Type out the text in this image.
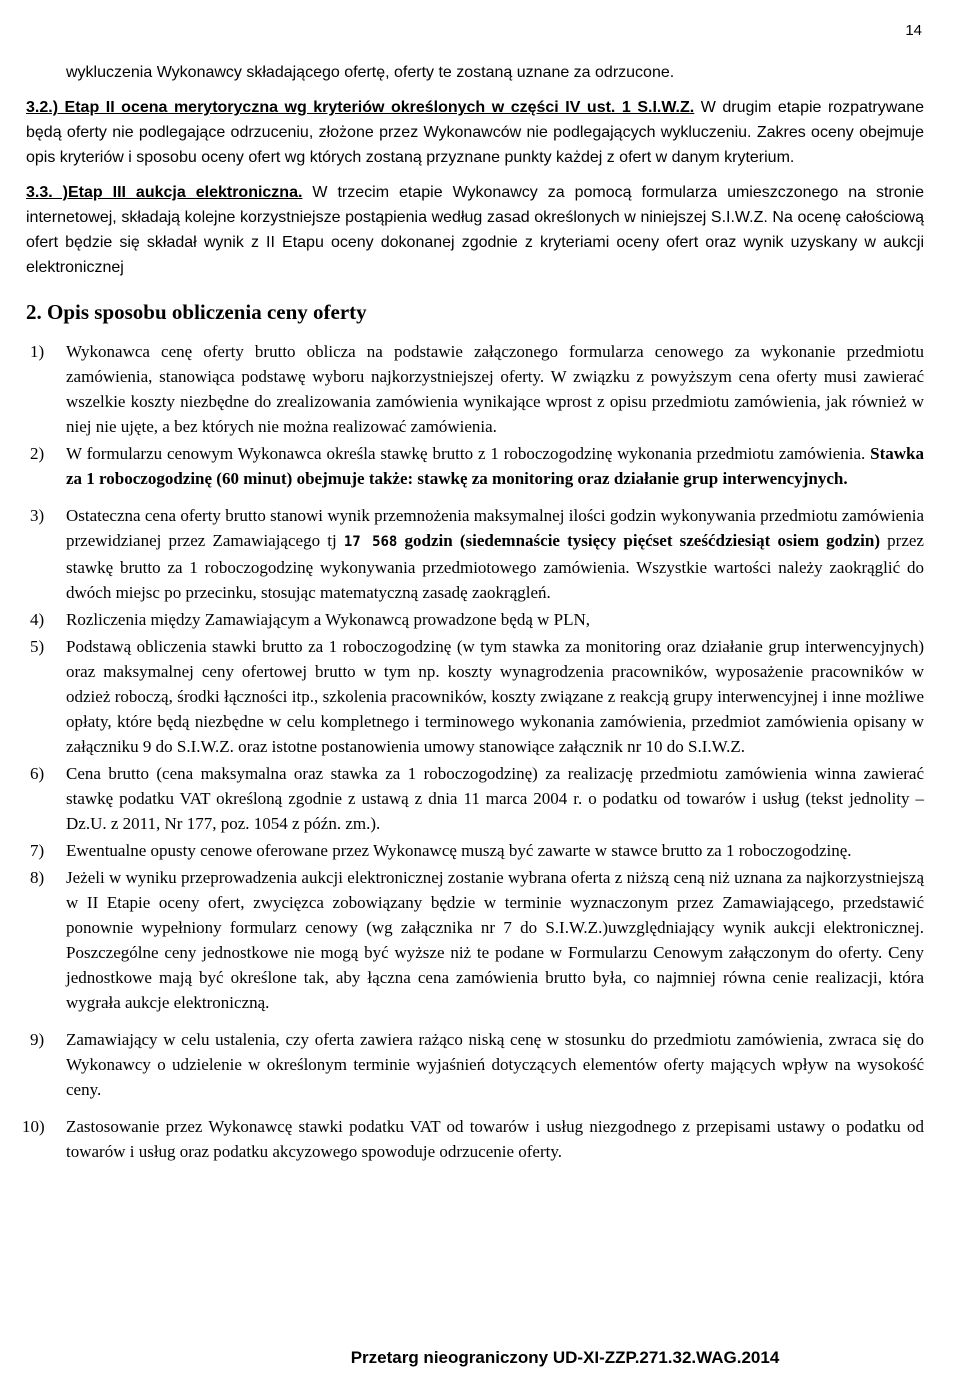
14

wykluczenia Wykonawcy składającego ofertę, oferty te zostaną uznane za odrzucone.

3.2.) Etap II ocena merytoryczna wg kryteriów określonych w części IV ust. 1 S.I.W.Z. W drugim etapie rozpatrywane będą oferty nie podlegające odrzuceniu, złożone przez Wykonawców nie podlegających wykluczeniu. Zakres oceny obejmuje opis kryteriów i sposobu oceny ofert wg których zostaną przyznane punkty każdej z ofert w danym kryterium.

3.3. )Etap III aukcja elektroniczna. W trzecim etapie Wykonawcy za pomocą formularza umieszczonego na stronie internetowej, składają kolejne korzystniejsze postąpienia według zasad określonych w niniejszej S.I.W.Z. Na ocenę całościową ofert będzie się składał wynik z II Etapu oceny dokonanej zgodnie z kryteriami oceny ofert oraz wynik uzyskany w aukcji elektronicznej

2. Opis sposobu obliczenia ceny oferty
1) Wykonawca cenę oferty brutto oblicza na podstawie załączonego formularza cenowego za wykonanie przedmiotu zamówienia, stanowiąca podstawę wyboru najkorzystniejszej oferty. W związku z powyższym cena oferty musi zawierać wszelkie koszty niezbędne do zrealizowania zamówienia wynikające wprost z opisu przedmiotu zamówienia, jak również w niej nie ujęte, a bez których nie można realizować zamówienia.
2) W formularzu cenowym Wykonawca określa stawkę brutto z 1 roboczogodzinę wykonania przedmiotu zamówienia. Stawka za 1 roboczogodzinę (60 minut) obejmuje także: stawkę za monitoring oraz działanie grup interwencyjnych.
3) Ostateczna cena oferty brutto stanowi wynik przemnożenia maksymalnej ilości godzin wykonywania przedmiotu zamówienia przewidzianej przez Zamawiającego tj 17 568 godzin (siedemnaście tysięcy pięćset sześćdziesiąt osiem godzin) przez stawkę brutto za 1 roboczogodzinę wykonywania przedmiotowego zamówienia. Wszystkie wartości należy zaokrąglić do dwóch miejsc po przecinku, stosując matematyczną zasadę zaokrągleń.
4) Rozliczenia między Zamawiającym a Wykonawcą prowadzone będą w PLN,
5) Podstawą obliczenia stawki brutto za 1 roboczogodzinę (w tym stawka za monitoring oraz działanie grup interwencyjnych) oraz maksymalnej ceny ofertowej brutto w tym np. koszty wynagrodzenia pracowników, wyposażenie pracowników w odzież roboczą, środki łączności itp., szkolenia pracowników, koszty związane z reakcją grupy interwencyjnej i inne możliwe opłaty, które będą niezbędne w celu kompletnego i terminowego wykonania zamówienia, przedmiot zamówienia opisany w załączniku 9 do S.I.W.Z. oraz istotne postanowienia umowy stanowiące załącznik nr 10 do S.I.W.Z.
6) Cena brutto (cena maksymalna oraz stawka za 1 roboczogodzinę) za realizację przedmiotu zamówienia winna zawierać stawkę podatku VAT określoną zgodnie z ustawą z dnia 11 marca 2004 r. o podatku od towarów i usług (tekst jednolity – Dz.U. z 2011, Nr 177, poz. 1054 z późn. zm.).
7) Ewentualne opusty cenowe oferowane przez Wykonawcę muszą być zawarte w stawce brutto za 1 roboczogodzinę.
8) Jeżeli w wyniku przeprowadzenia aukcji elektronicznej zostanie wybrana oferta z niższą ceną niż uznana za najkorzystniejszą w II Etapie oceny ofert, zwycięzca zobowiązany będzie w terminie wyznaczonym przez Zamawiającego, przedstawić ponownie wypełniony formularz cenowy (wg załącznika nr 7 do S.I.W.Z.)uwzględniający wynik aukcji elektronicznej. Poszczególne ceny jednostkowe nie mogą być wyższe niż te podane w Formularzu Cenowym załączonym do oferty. Ceny jednostkowe mają być określone tak, aby łączna cena zamówienia brutto była, co najmniej równa cenie realizacji, która wygrała aukcje elektroniczną.
9) Zamawiający w celu ustalenia, czy oferta zawiera rażąco niską cenę w stosunku do przedmiotu zamówienia, zwraca się do Wykonawcy o udzielenie w określonym terminie wyjaśnień dotyczących elementów oferty mających wpływ na wysokość ceny.
10) Zastosowanie przez Wykonawcę stawki podatku VAT od towarów i usług niezgodnego z przepisami ustawy o podatku od towarów i usług oraz podatku akcyzowego spowoduje odrzucenie oferty.
Przetarg nieograniczony UD-XI-ZZP.271.32.WAG.2014
